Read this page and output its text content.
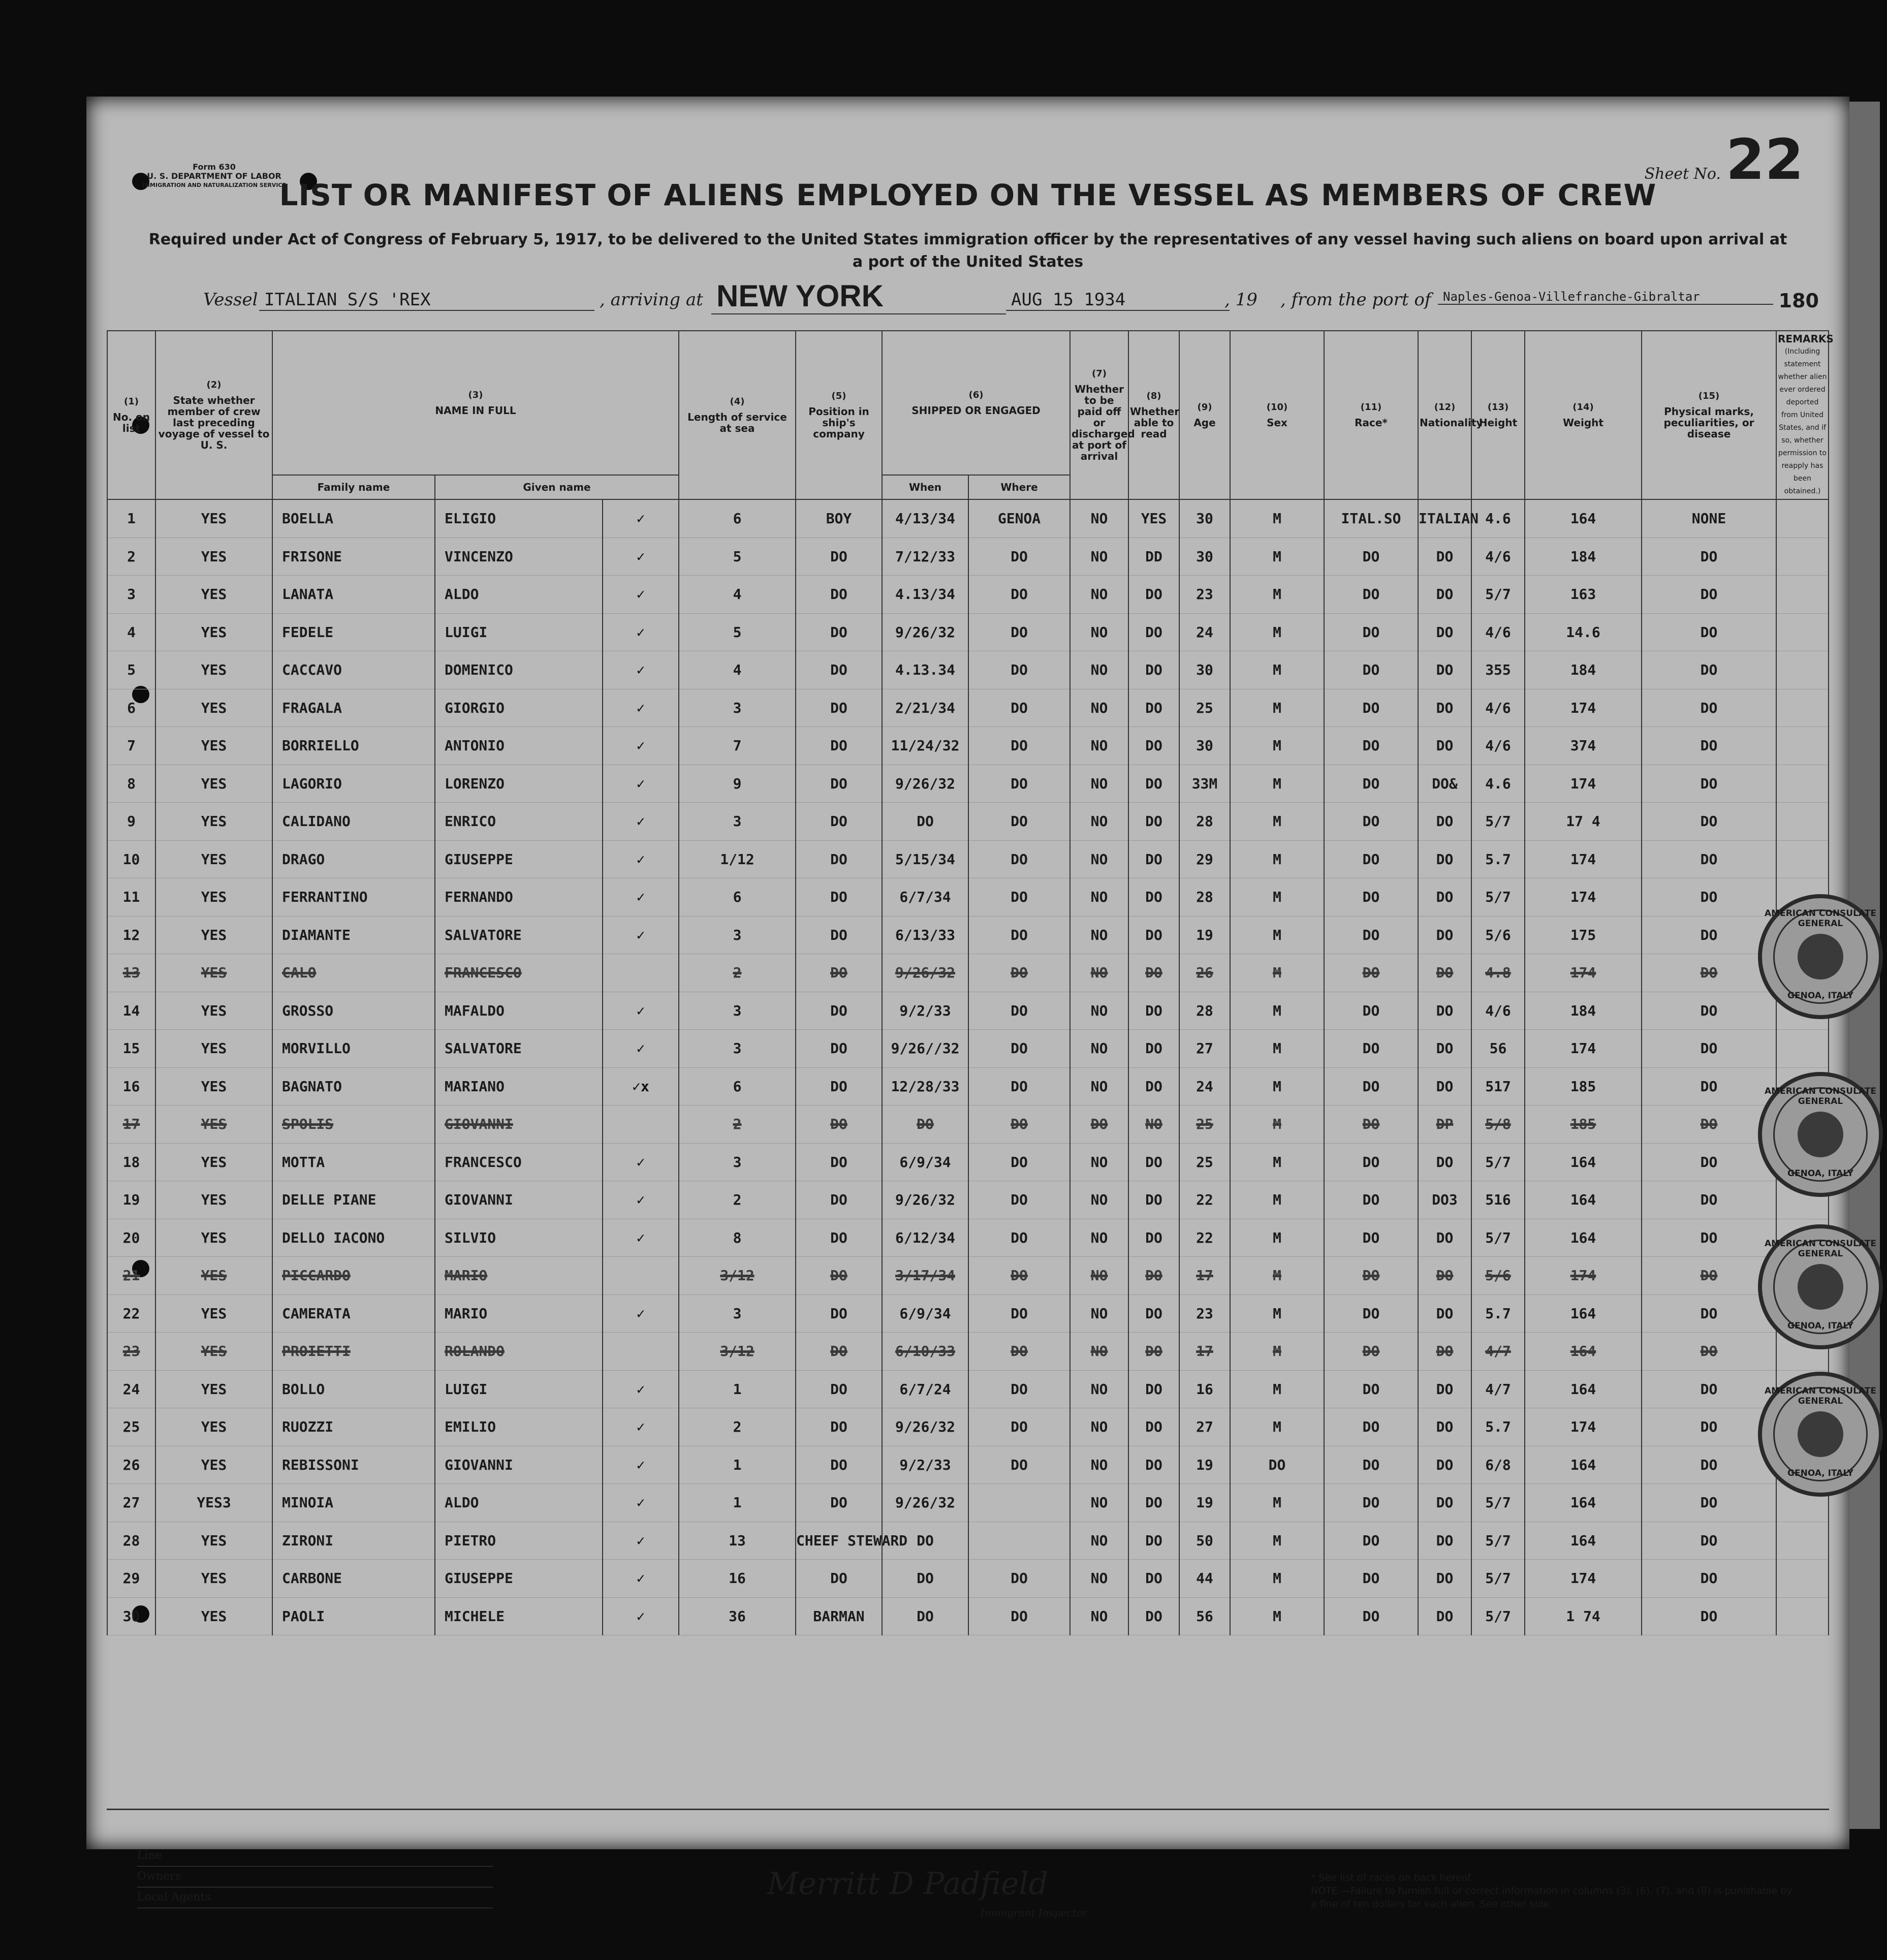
Form 630
U. S. DEPARTMENT OF LABOR
IMMIGRATION AND NATURALIZATION SERVICE
Sheet No.22
LIST OR MANIFEST OF ALIENS EMPLOYED ON THE VESSEL AS MEMBERS OF CREW
Required under Act of Congress of February 5, 1917, to be delivered to the United States immigration officer by the representatives of any vessel having such aliens on board upon arrival at a port of the United States
Vessel ITALIAN S/S 'REX	, arriving at NEW YORK	AUG 15 1934	, 19 , from the port of Naples-Genoa-Villefranche-Gibraltar	180
(1)
No. on list	(2)
State whether member of crew last preceding voyage of vessel to U. S.	(3)
NAME IN FULL			(4)
Length of service at sea	(5)
Position in ship's company	(6)
SHIPPED OR ENGAGED		(7)
Whether to be paid off or discharged at port of arrival	(8)
Whether able to read	(9)
Age	(10)
Sex	(11)
Race*	(12)
Nationality	(13)
Height	(14)
Weight	(15)
Physical marks, peculiarities, or disease	REMARKS
(Including statement whether alien ever ordered deported from United States, and if so, whether permission to reapply has been obtained.)
		Family name	Given name				When	Where										
1	YES	BOELLA	ELIGIO	✓	6	BOY	4/13/34	GENOA	NO	YES	30	M	ITAL.SO	ITALIAN	4.6	164	NONE	
2	YES	FRISONE	VINCENZO	✓	5	DO	7/12/33	DO	NO	DD	30	M	DO	DO	4/6	184	DO	
3	YES	LANATA	ALDO	✓	4	DO	4.13/34	DO	NO	DO	23	M	DO	DO	5/7	163	DO	
4	YES	FEDELE	LUIGI	✓	5	DO	9/26/32	DO	NO	DO	24	M	DO	DO	4/6	14.6	DO	
5	YES	CACCAVO	DOMENICO	✓	4	DO	4.13.34	DO	NO	DO	30	M	DO	DO	355	184	DO	
6	YES	FRAGALA	GIORGIO	✓	3	DO	2/21/34	DO	NO	DO	25	M	DO	DO	4/6	174	DO	
7	YES	BORRIELLO	ANTONIO	✓	7	DO	11/24/32	DO	NO	DO	30	M	DO	DO	4/6	374	DO	
8	YES	LAGORIO	LORENZO	✓	9	DO	9/26/32	DO	NO	DO	33M	M	DO	DO&	4.6	174	DO	
9	YES	CALIDANO	ENRICO	✓	3	DO	DO	DO	NO	DO	28	M	DO	DO	5/7	17 4	DO	
10	YES	DRAGO	GIUSEPPE	✓	1/12	DO	5/15/34	DO	NO	DO	29	M	DO	DO	5.7	174	DO	
11	YES	FERRANTINO	FERNANDO	✓	6	DO	6/7/34	DO	NO	DO	28	M	DO	DO	5/7	174	DO	
12	YES	DIAMANTE	SALVATORE	✓	3	DO	6/13/33	DO	NO	DO	19	M	DO	DO	5/6	175	DO	
13	YES	CALO	FRANCESCO		2	DO	9/26/32	DO	NO	DO	26	M	DO	DO	4.8	174	DO	
14	YES	GROSSO	MAFALDO	✓	3	DO	9/2/33	DO	NO	DO	28	M	DO	DO	4/6	184	DO	
15	YES	MORVILLO	SALVATORE	✓	3	DO	9/26//32	DO	NO	DO	27	M	DO	DO	56	174	DO	
16	YES	BAGNATO	MARIANO	✓x	6	DO	12/28/33	DO	NO	DO	24	M	DO	DO	517	185	DO	
17	YES	SPOLIS	GIOVANNI		2	DO	DO	DO	DO	NO	25	M	DO	DP	5/8	185	DO	
18	YES	MOTTA	FRANCESCO	✓	3	DO	6/9/34	DO	NO	DO	25	M	DO	DO	5/7	164	DO	
19	YES	DELLE PIANE	GIOVANNI	✓	2	DO	9/26/32	DO	NO	DO	22	M	DO	DO3	516	164	DO	
20	YES	DELLO IACONO	SILVIO	✓	8	DO	6/12/34	DO	NO	DO	22	M	DO	DO	5/7	164	DO	
21	YES	PICCARDO	MARIO		3/12	DO	3/17/34	DO	NO	DO	17	M	DO	DO	5/6	174	DO	
22	YES	CAMERATA	MARIO	✓	3	DO	6/9/34	DO	NO	DO	23	M	DO	DO	5.7	164	DO	
23	YES	PROIETTI	ROLANDO		3/12	DO	6/10/33	DO	NO	DO	17	M	DO	DO	4/7	164	DO	
24	YES	BOLLO	LUIGI	✓	1	DO	6/7/24	DO	NO	DO	16	M	DO	DO	4/7	164	DO	
25	YES	RUOZZI	EMILIO	✓	2	DO	9/26/32	DO	NO	DO	27	M	DO	DO	5.7	174	DO	
26	YES	REBISSONI	GIOVANNI	✓	1	DO	9/2/33	DO	NO	DO	19	DO	DO	DO	6/8	164	DO	
27	YES3	MINOIA	ALDO	✓	1	DO	9/26/32		NO	DO	19	M	DO	DO	5/7	164	DO	
28	YES	ZIRONI	PIETRO	✓	13	CHEEF STEWARD	DO		NO	DO	50	M	DO	DO	5/7	164	DO	
29	YES	CARBONE	GIUSEPPE	✓	16	DO	DO	DO	NO	DO	44	M	DO	DO	5/7	174	DO	
30	YES	PAOLI	MICHELE	✓	36	BARMAN	DO	DO	NO	DO	56	M	DO	DO	5/7	1 74	DO	
AMERICAN CONSULATE GENERAL
GENOA, ITALY
AMERICAN CONSULATE GENERAL
GENOA, ITALY
AMERICAN CONSULATE GENERAL
GENOA, ITALY
AMERICAN CONSULATE GENERAL
GENOA, ITALY
Line
Owners
Local Agents	Merritt D Padfield
Immigrant Inspector.
* See list of races on back hereof.
NOTE.—Failure to furnish full or correct information in columns (3), (6), (7), and (8) is punishable by a fine of ten dollars for each alien. See other side.
